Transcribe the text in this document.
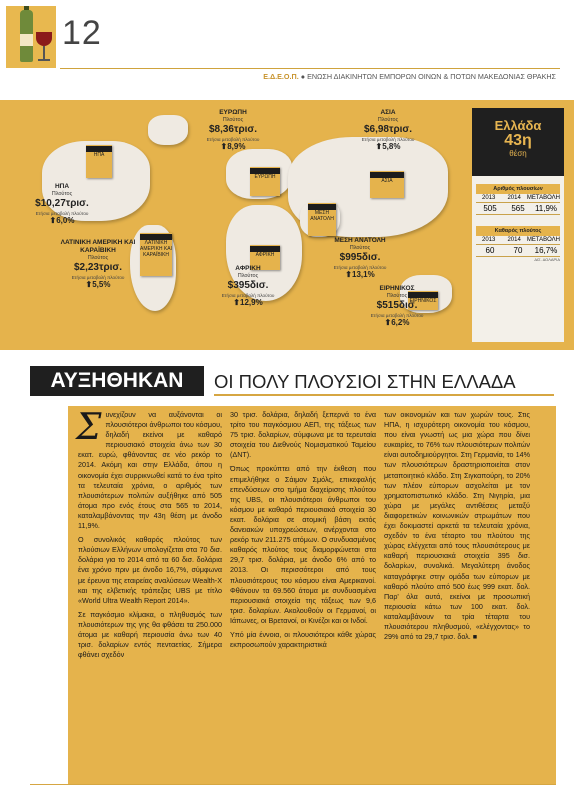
12
Ε.Δ.Ε.Ο.Π. ● ΕΝΩΣΗ ΔΙΑΚΙΝΗΤΩΝ ΕΜΠΟΡΩΝ ΟΙΝΩΝ & ΠΟΤΩΝ ΜΑΚΕΔΟΝΙΑΣ ΘΡΑΚΗΣ
ΗΠΑ
ΛΑΤΙΝΙΚΗ ΑΜΕΡΙΚΗ ΚΑΙ ΚΑΡΑΪΒΙΚΗ
ΕΥΡΩΠΗ
ΑΦΡΙΚΗ
ΜΕΣΗ ΑΝΑΤΟΛΗ
ΑΣΙΑ
ΕΙΡΗΝΙΚΟΣ
ΗΠΑ
Πλούτος
$10,27τρισ.
Ετήσια μεταβολή πλούτου
⬆6,0%
ΛΑΤΙΝΙΚΗ ΑΜΕΡΙΚΗ ΚΑΙ ΚΑΡΑΪΒΙΚΗ
Πλούτος
$2,23τρισ.
Ετήσια μεταβολή πλούτου
⬆5,5%
ΕΥΡΩΠΗ
Πλούτος
$8,36τρισ.
Ετήσια μεταβολή πλούτου
⬆8,9%
ΑΦΡΙΚΗ
Πλούτος
$395δισ.
Ετήσια μεταβολή πλούτου
⬆12,9%
ΜΕΣΗ ΑΝΑΤΟΛΗ
Πλούτος
$995δισ.
Ετήσια μεταβολή πλούτου
⬆13,1%
ΑΣΙΑ
Πλούτος
$6,98τρισ.
Ετήσια μεταβολή πλούτου
⬆5,8%
ΕΙΡΗΝΙΚΟΣ
Πλούτος
$515δισ.
Ετήσια μεταβολή πλούτου
⬆6,2%
Ελλάδα
43η
θέση
Αριθμός πλουσίων
2013	2014	ΜΕΤΑΒΟΛΗ
505	565	11,9%
Καθαρός πλούτος
2013	2014	ΜΕΤΑΒΟΛΗ
60	70	16,7%
ΔΙΣ. ΔΟΛΑΡΙΑ
ΑΥΞΗΘΗΚΑΝ	ΟΙ ΠΟΛΥ ΠΛΟΥΣΙΟΙ ΣΤΗΝ ΕΛΛΑΔΑ
Σ υνεχίζουν να αυξάνονται οι πλουσιότεροι άνθρωποι του κόσμου, δηλαδή εκείνοι με καθαρό περιουσιακό στοιχεία άνω των 30 εκατ. ευρώ, φθάνοντας σε νέο ρεκόρ το 2014. Ακόμη και στην Ελλάδα, όπου η οικονομία έχει συρρικνωθεί κατά το ένα τρίτο τα τελευταία χρόνια, ο αριθμός των πλουσιότερων πολιτών αυξήθηκε από 505 άτομα προ ενός έτους στα 565 το 2014, καταλαμβάνοντας την 43η θέση με άνοδο 11,9%.

Ο συνολικός καθαρός πλούτος των πλούσιων Ελλήνων υπολογίζεται στα 70 δισ. δολάρια για το 2014 από τα 60 δισ. δολάρια ένα χρόνο πριν με άνοδο 16,7%, σύμφωνα με έρευνα της εταιρείας αναλύσεων Wealth-X και της ελβετικής τράπεζας UBS με τίτλο «World Ultra Wealth Report 2014».

Σε παγκόσμιο κλίμακα, ο πληθυσμός των πλουσιότερων της γης θα φθάσει τα 250.000 άτομα με καθαρή περιουσία άνω των 40 τρισ. δολαρίων εντός πενταετίας. Σήμερα φθάνει σχεδόν

30 τρισ. δολάρια, δηλαδή ξεπερνά το ένα τρίτο του παγκόσμιου ΑΕΠ, της τάξεως των 75 τρισ. δολαρίων, σύμφωνα με τα τερευταία στοιχεία του Διεθνούς Νομισματικού Ταμείου (ΔΝΤ).

Όπως προκύπτει από την έκθεση που επιμελήθηκε ο Σάιμον Σμόλς, επικεφαλής επενδύσεων στο τμήμα διαχείρισης πλούτου της UBS, οι πλουσιότεροι άνθρωποι του κόσμου με καθαρό περιουσιακά στοιχεία 30 εκατ. δολάρια σε ατομική βάση εκτός δανειακών υποχρεώσεων, ανέρχονται στο ρεκόρ των 211.275 ατόμων. Ο συνδυασμένος καθαρός πλούτος τους διαμορφώνεται στα 29,7 τρισ. δολάρια, με άνοδο 6% από το 2013. Οι περισσότεροι από τους πλουσιότερους του κόσμου είναι Αμερικανοί. Φθάνουν τα 69.560 άτομα με συνδυασμένα περιουσιακά στοιχεία της τάξεως των 9,6 τρισ. δολαρίων. Ακολουθούν οι Γερμανοί, οι Ιάπωνες, οι Βρετανοί, οι Κινέζοι και οι Ινδοί.

Υπό μία έννοια, οι πλουσιότεροι κάθε χώρας εκπροσωπούν χαρακτηριστικά

των οικονομιών και των χωρών τους. Στις ΗΠΑ, η ισχυρότερη οικονομία του κόσμου, που είναι γνωστή ως μια χώρα που δίνει ευκαιρίες, το 76% των πλουσιότερων πολιτών είναι αυτοδημιούργητοι. Στη Γερμανία, το 14% των πλουσιότερων δραστηριοποιείται στον μεταποιητικό κλάδο. Στη Σιγκαπούρη, το 20% των πλέον εύπορων ασχολείται με τον χρηματοπιστωτικό κλάδο. Στη Νιγηρία, μια χώρα με μεγάλες αντιθέσεις μεταξύ διαφορετικών κοινωνικών στρωμάτων που έχει δοκιμαστεί αρκετά τα τελευταία χρόνια, σχεδόν το ένα τέταρτο του πλούτου της χώρας ελέγχεται από τους πλουσιότερους με καθαρή περιουσιακά στοιχεία 395 δισ. δολαρίων, συνολικά. Μεγαλύτερη άνοδος καταγράφηκε στην ομάδα των εύπορων με καθαρό πλούτο από 500 έως 999 εκατ. δολ. Παρ' όλα αυτά, εκείνοι με προσωπική περιουσία κάτω των 100 εκατ. δολ. καταλαμβάνουν τα τρία τέταρτα του πλουσιότερου πληθυσμού, «ελέγχοντας» το 29% από τα 29,7 τρισ. δολ. ■
